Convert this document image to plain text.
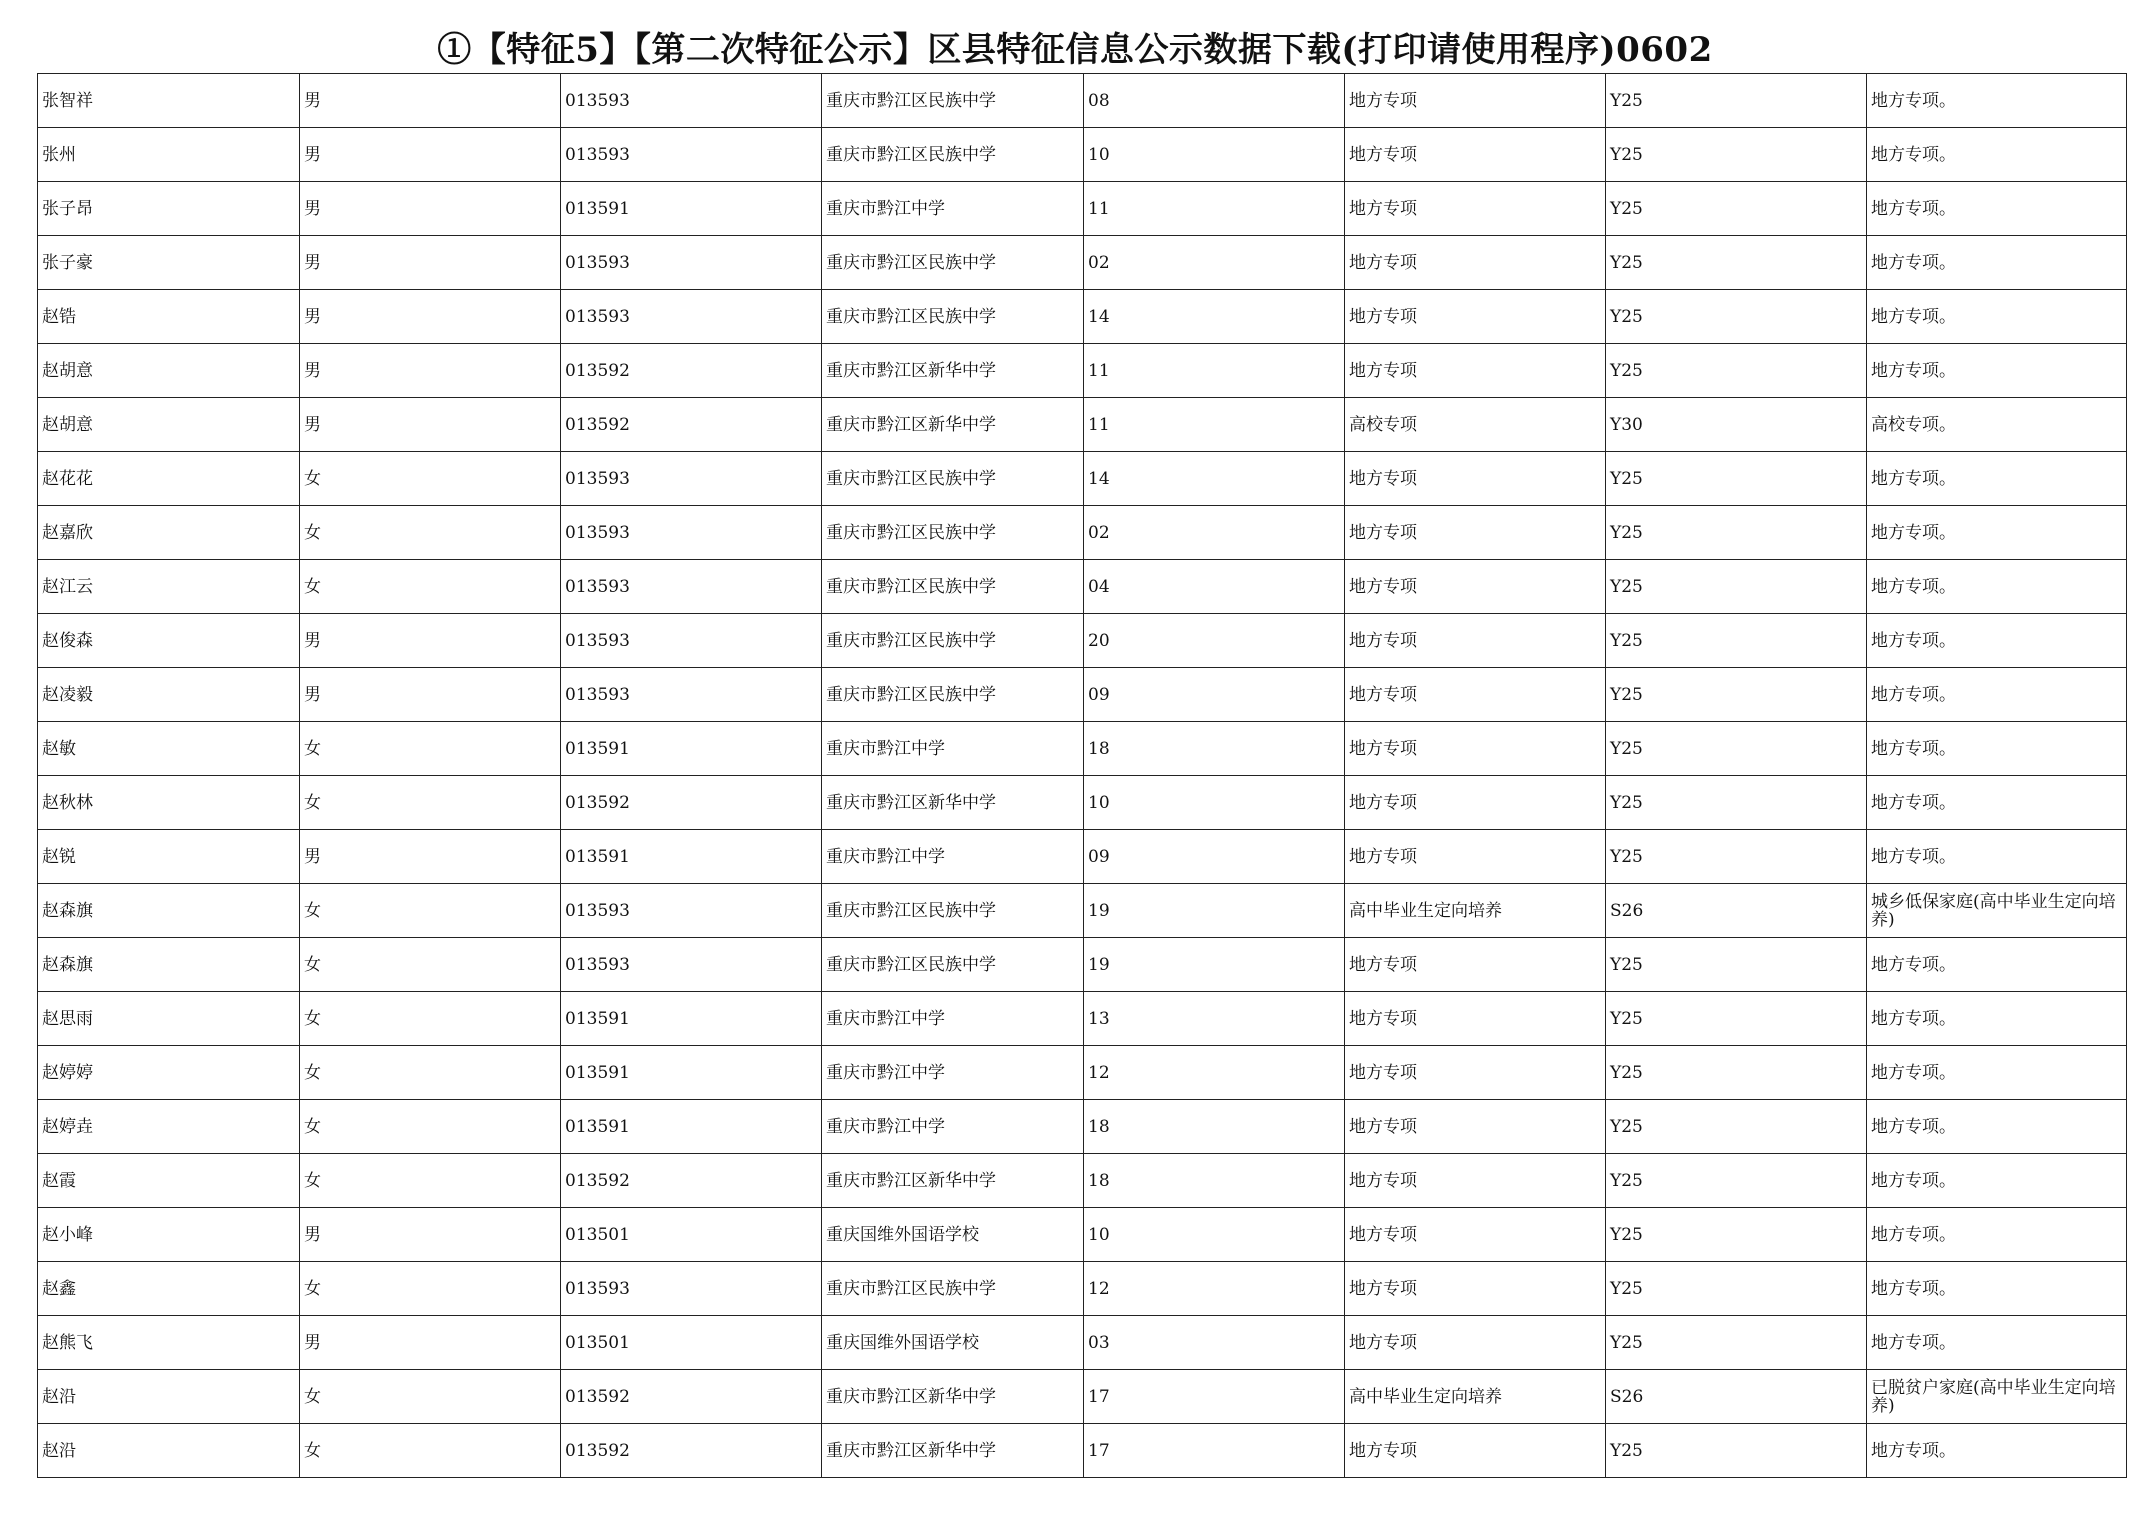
①【特征5】【第二次特征公示】区县特征信息公示数据下载(打印请使用程序)0602
张智祥	男	013593	重庆市黔江区民族中学	08	地方专项	Y25	地方专项。
张州	男	013593	重庆市黔江区民族中学	10	地方专项	Y25	地方专项。
张子昂	男	013591	重庆市黔江中学	11	地方专项	Y25	地方专项。
张子豪	男	013593	重庆市黔江区民族中学	02	地方专项	Y25	地方专项。
赵锆	男	013593	重庆市黔江区民族中学	14	地方专项	Y25	地方专项。
赵胡意	男	013592	重庆市黔江区新华中学	11	地方专项	Y25	地方专项。
赵胡意	男	013592	重庆市黔江区新华中学	11	高校专项	Y30	高校专项。
赵花花	女	013593	重庆市黔江区民族中学	14	地方专项	Y25	地方专项。
赵嘉欣	女	013593	重庆市黔江区民族中学	02	地方专项	Y25	地方专项。
赵江云	女	013593	重庆市黔江区民族中学	04	地方专项	Y25	地方专项。
赵俊森	男	013593	重庆市黔江区民族中学	20	地方专项	Y25	地方专项。
赵凌毅	男	013593	重庆市黔江区民族中学	09	地方专项	Y25	地方专项。
赵敏	女	013591	重庆市黔江中学	18	地方专项	Y25	地方专项。
赵秋林	女	013592	重庆市黔江区新华中学	10	地方专项	Y25	地方专项。
赵锐	男	013591	重庆市黔江中学	09	地方专项	Y25	地方专项。
赵森旗	女	013593	重庆市黔江区民族中学	19	高中毕业生定向培养	S26	城乡低保家庭(高中毕业生定向培养)
赵森旗	女	013593	重庆市黔江区民族中学	19	地方专项	Y25	地方专项。
赵思雨	女	013591	重庆市黔江中学	13	地方专项	Y25	地方专项。
赵婷婷	女	013591	重庆市黔江中学	12	地方专项	Y25	地方专项。
赵婷垚	女	013591	重庆市黔江中学	18	地方专项	Y25	地方专项。
赵霞	女	013592	重庆市黔江区新华中学	18	地方专项	Y25	地方专项。
赵小峰	男	013501	重庆国维外国语学校	10	地方专项	Y25	地方专项。
赵鑫	女	013593	重庆市黔江区民族中学	12	地方专项	Y25	地方专项。
赵熊飞	男	013501	重庆国维外国语学校	03	地方专项	Y25	地方专项。
赵沿	女	013592	重庆市黔江区新华中学	17	高中毕业生定向培养	S26	已脱贫户家庭(高中毕业生定向培养)
赵沿	女	013592	重庆市黔江区新华中学	17	地方专项	Y25	地方专项。
